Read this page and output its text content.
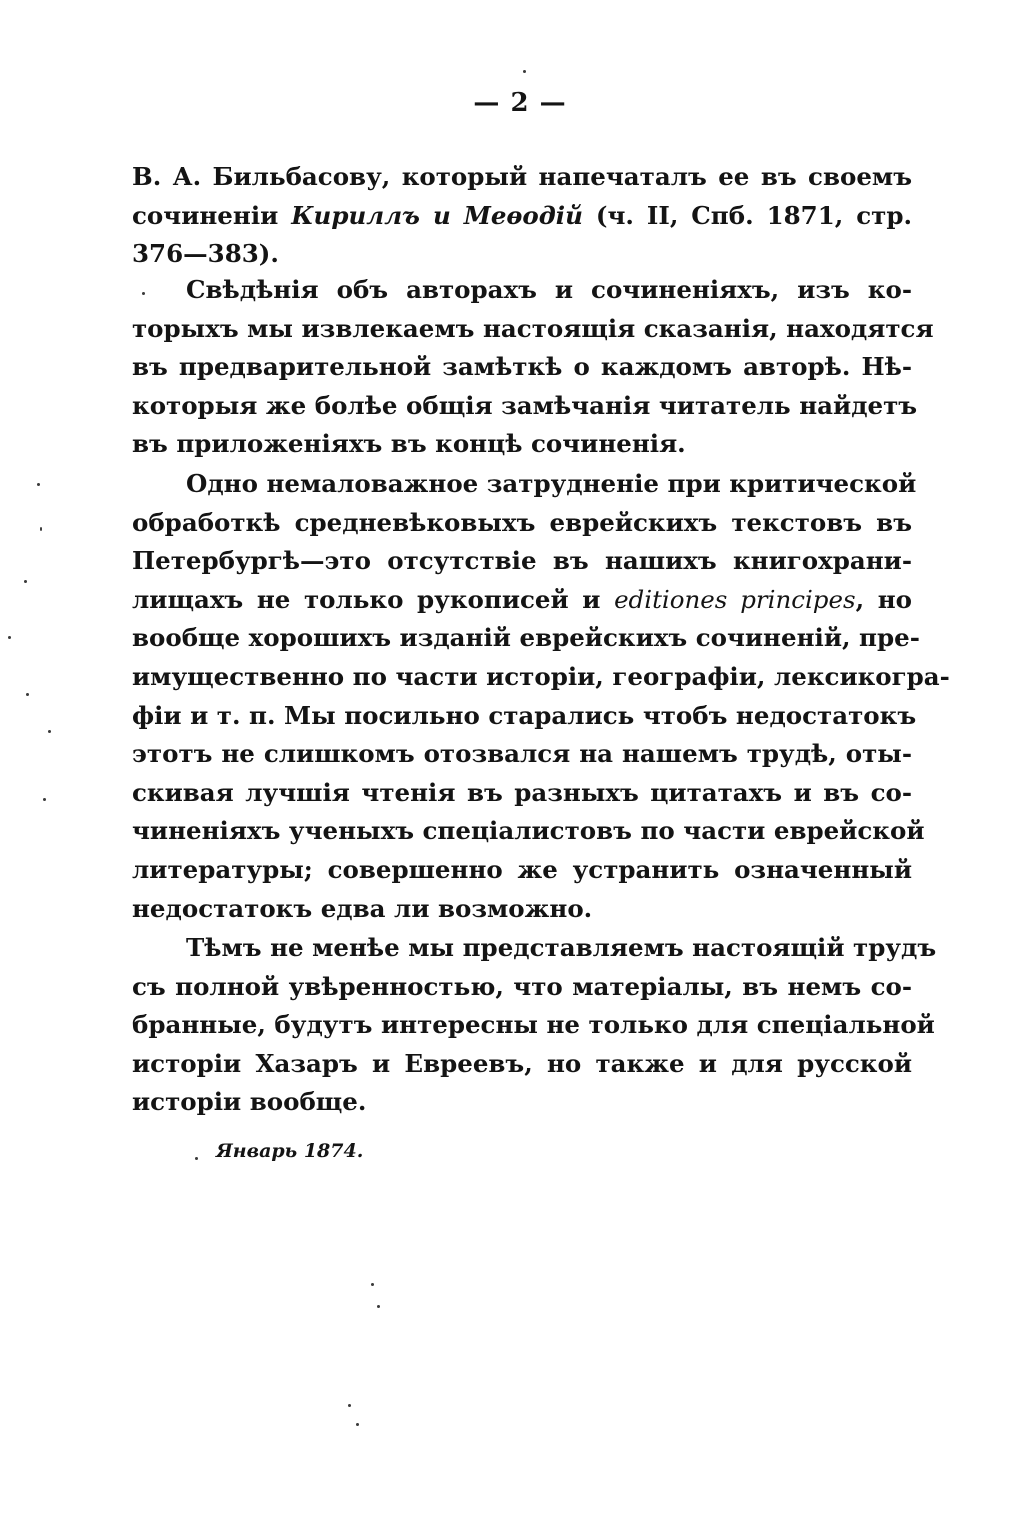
— 2 —
В. А. Бильбасову, который напечаталъ ее въ своемъ
сочиненіи Кириллъ и Меѳодій (ч. II, Спб. 1871, стр.
376—383).
Свѣдѣнія объ авторахъ и сочиненіяхъ, изъ ко-
торыхъ мы извлекаемъ настоящія сказанія, находятся
въ предварительной замѣткѣ о каждомъ авторѣ. Нѣ-
которыя же болѣе общія замѣчанія читатель найдетъ
въ приложеніяхъ въ концѣ сочиненія.
Одно немаловажное затрудненіе при критической
обработкѣ средневѣковыхъ еврейскихъ текстовъ въ
Петербургѣ—это отсутствіе въ нашихъ книгохрани-
лищахъ не только рукописей и editiones principes, но
вообще хорошихъ изданій еврейскихъ сочиненій, пре-
имущественно по части исторіи, географіи, лексикогра-
фіи и т. п. Мы посильно старались чтобъ недостатокъ
этотъ не слишкомъ отозвался на нашемъ трудѣ, оты-
скивая лучшія чтенія въ разныхъ цитатахъ и въ со-
чиненіяхъ ученыхъ спеціалистовъ по части еврейской
литературы; совершенно же устранить означенный
недостатокъ едва ли возможно.
Тѣмъ не менѣе мы представляемъ настоящій трудъ
съ полной увѣренностью, что матеріалы, въ немъ со-
бранные, будутъ интересны не только для спеціальной
исторіи Хазаръ и Евреевъ, но также и для русской
исторіи вообще.
Январь 1874.
